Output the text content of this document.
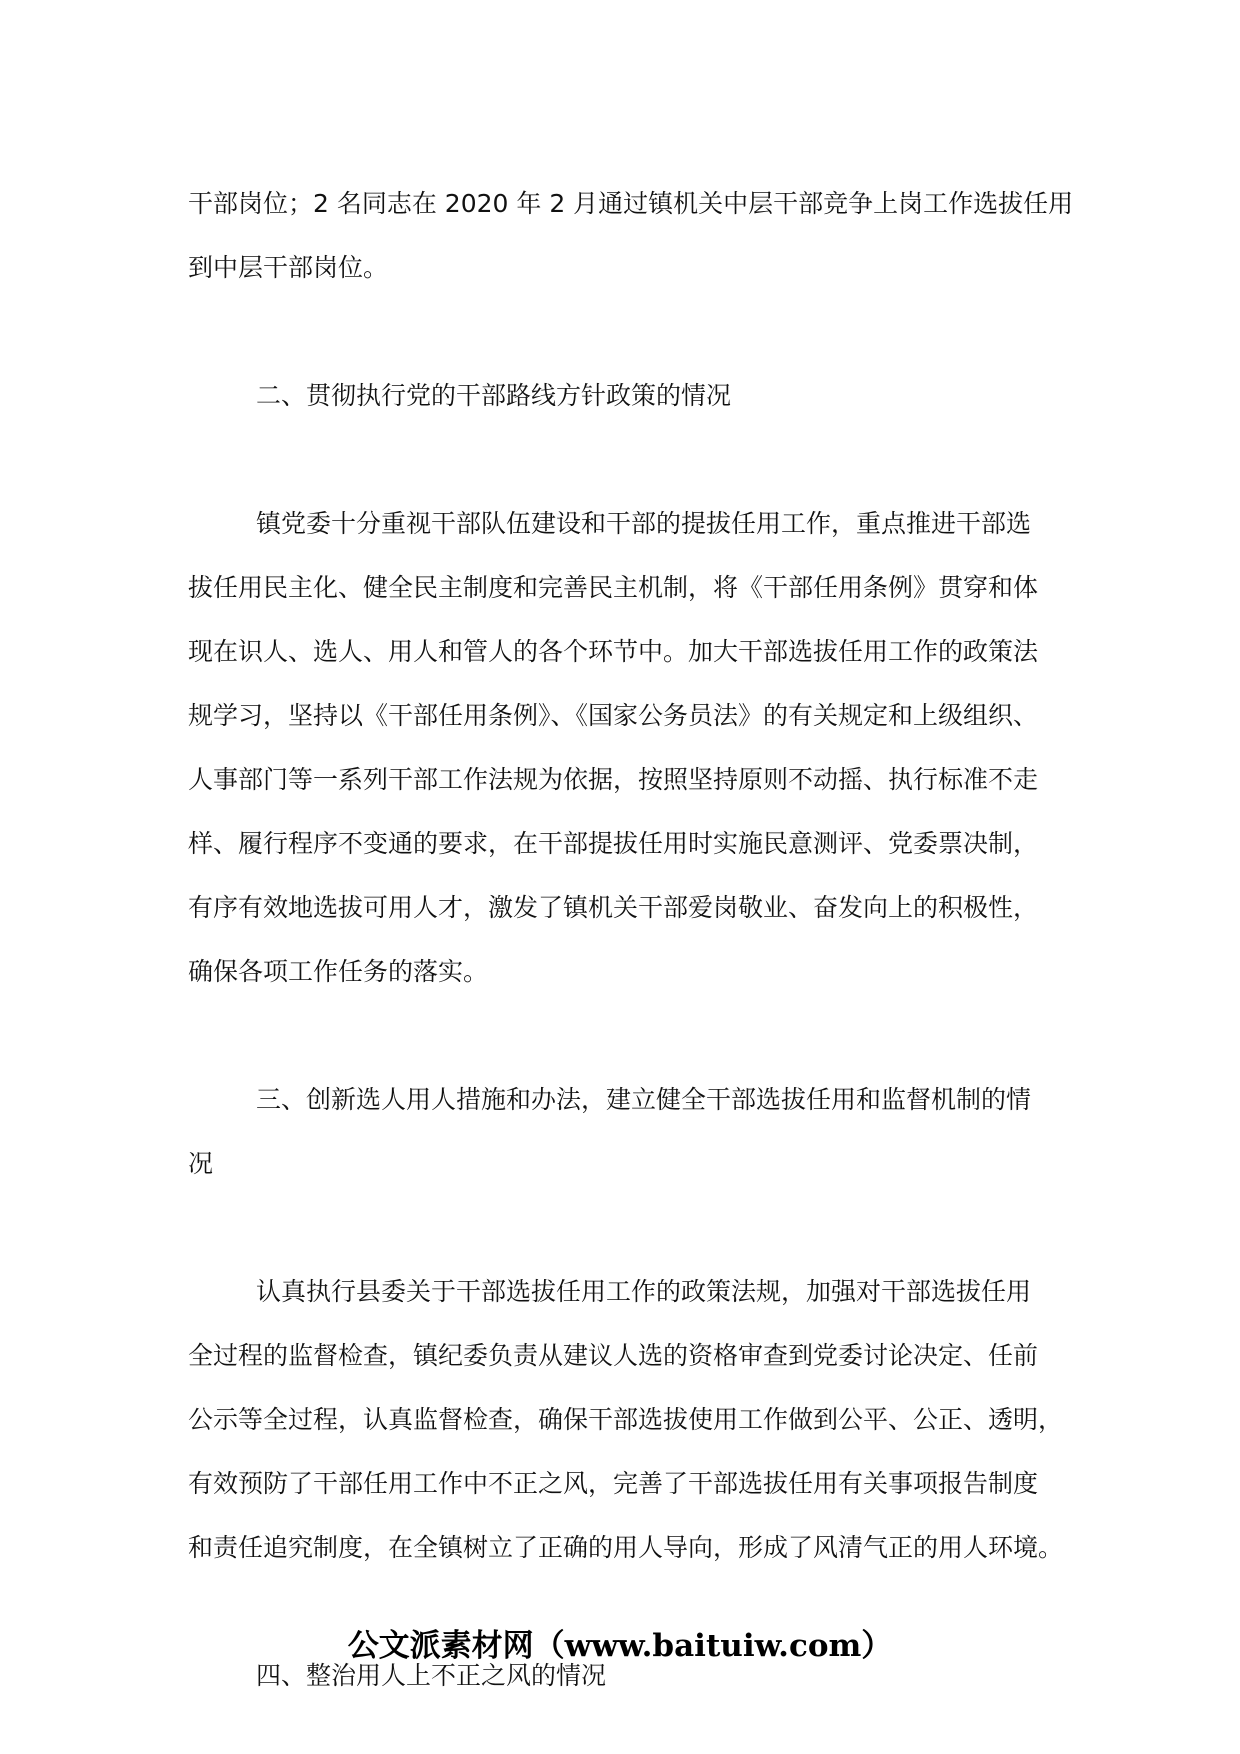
干部岗位；2 名同志在 2020 年 2 月通过镇机关中层干部竞争上岗工作选拔任用
到中层干部岗位。
二、贯彻执行党的干部路线方针政策的情况
镇党委十分重视干部队伍建设和干部的提拔任用工作，重点推进干部选
拔任用民主化、健全民主制度和完善民主机制，将《干部任用条例》贯穿和体
现在识人、选人、用人和管人的各个环节中。加大干部选拔任用工作的政策法
规学习，坚持以《干部任用条例》、《国家公务员法》的有关规定和上级组织、
人事部门等一系列干部工作法规为依据，按照坚持原则不动摇、执行标准不走
样、履行程序不变通的要求，在干部提拔任用时实施民意测评、党委票决制，
有序有效地选拔可用人才，激发了镇机关干部爱岗敬业、奋发向上的积极性，
确保各项工作任务的落实。
三、创新选人用人措施和办法，建立健全干部选拔任用和监督机制的情
况
认真执行县委关于干部选拔任用工作的政策法规，加强对干部选拔任用
全过程的监督检查，镇纪委负责从建议人选的资格审查到党委讨论决定、任前
公示等全过程，认真监督检查，确保干部选拔使用工作做到公平、公正、透明，
有效预防了干部任用工作中不正之风，完善了干部选拔任用有关事项报告制度
和责任追究制度，在全镇树立了正确的用人导向，形成了风清气正的用人环境。
四、整治用人上不正之风的情况
公文派素材网（www.baituiw.com）
